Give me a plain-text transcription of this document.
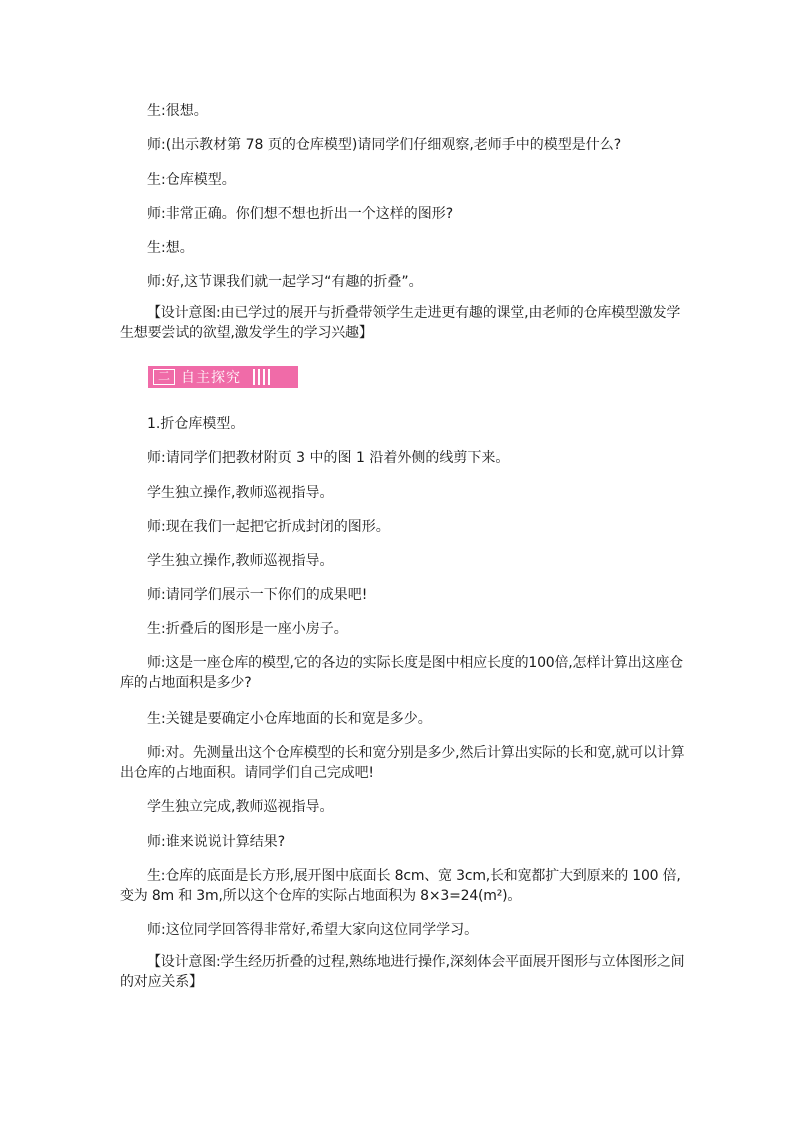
生:很想。

师:(出示教材第 78 页的仓库模型)请同学们仔细观察,老师手中的模型是什么?

生:仓库模型。

师:非常正确。你们想不想也折出一个这样的图形?

生:想。

师:好,这节课我们就一起学习“有趣的折叠”。

【设计意图:由已学过的展开与折叠带领学生走进更有趣的课堂,由老师的仓库模型激发学生想要尝试的欲望,激发学生的学习兴趣】

二 自主探究

1.折仓库模型。

师:请同学们把教材附页 3 中的图 1 沿着外侧的线剪下来。

学生独立操作,教师巡视指导。

师:现在我们一起把它折成封闭的图形。

学生独立操作,教师巡视指导。

师:请同学们展示一下你们的成果吧!

生:折叠后的图形是一座小房子。

师:这是一座仓库的模型,它的各边的实际长度是图中相应长度的100倍,怎样计算出这座仓库的占地面积是多少?

生:关键是要确定小仓库地面的长和宽是多少。

师:对。先测量出这个仓库模型的长和宽分别是多少,然后计算出实际的长和宽,就可以计算出仓库的占地面积。请同学们自己完成吧!

学生独立完成,教师巡视指导。

师:谁来说说计算结果?

生:仓库的底面是长方形,展开图中底面长 8cm、宽 3cm,长和宽都扩大到原来的 100 倍,变为 8m 和 3m,所以这个仓库的实际占地面积为 8×3=24(m²)。

师:这位同学回答得非常好,希望大家向这位同学学习。

【设计意图:学生经历折叠的过程,熟练地进行操作,深刻体会平面展开图形与立体图形之间的对应关系】
